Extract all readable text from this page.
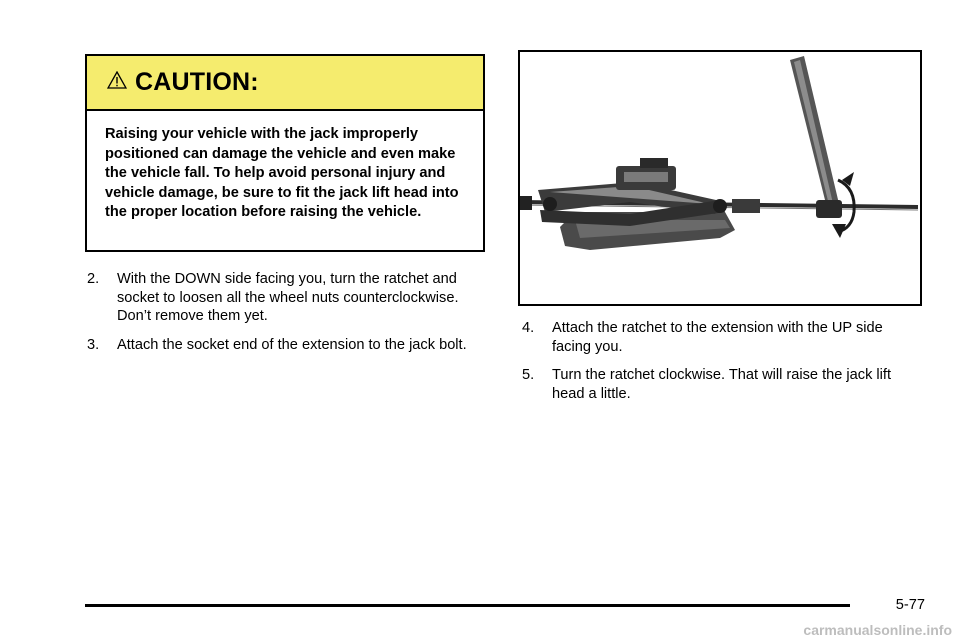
CAUTION:
Raising your vehicle with the jack improperly positioned can damage the vehicle and even make the vehicle fall. To help avoid personal injury and vehicle damage, be sure to fit the jack lift head into the proper location before raising the vehicle.
2.	With the DOWN side facing you, turn the ratchet and socket to loosen all the wheel nuts counterclockwise. Don’t remove them yet.
3.	Attach the socket end of the extension to the jack bolt.
4.	Attach the ratchet to the extension with the UP side facing you.
5.	Turn the ratchet clockwise. That will raise the jack lift head a little.
5-77
carmanualsonline.info
